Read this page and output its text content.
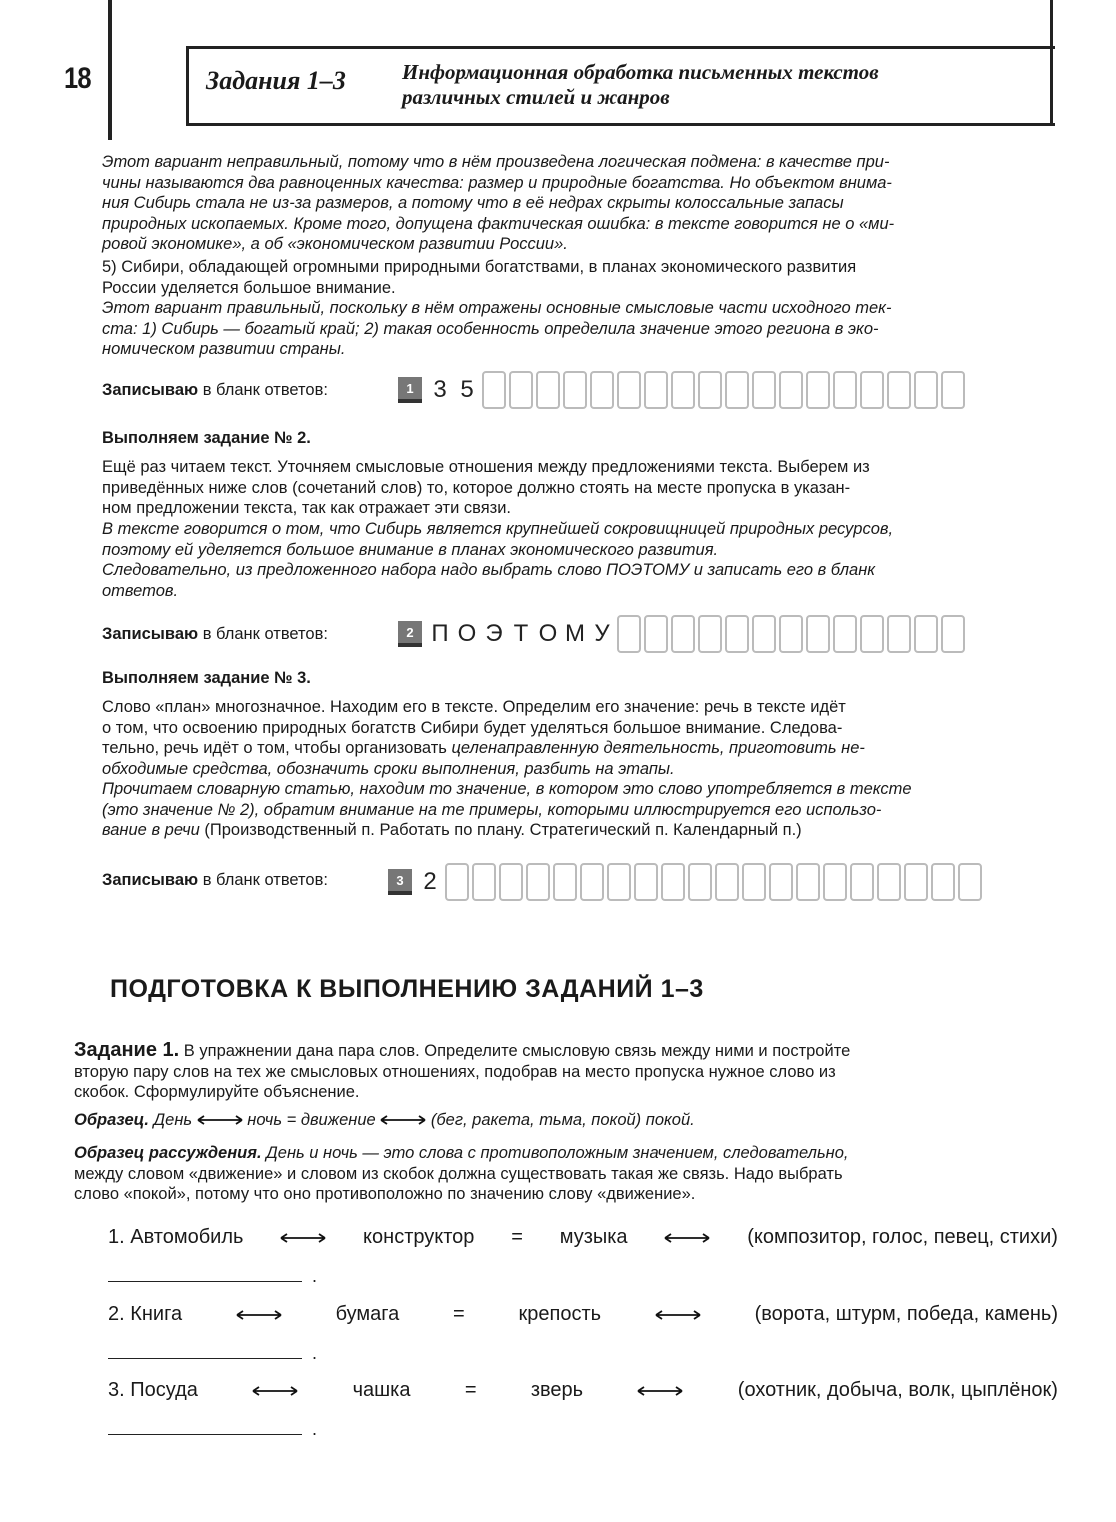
18	Задания 1–3	Информационная обработка письменных текстов
различных стилей и жанров
Этот вариант неправильный, потому что в нём произведена логическая подмена: в качестве при-
чины называются два равноценных качества: размер и природные богатства. Но объектом внима-
ния Сибирь стала не из-за размеров, а потому что в её недрах скрыты колоссальные запасы
природных ископаемых. Кроме того, допущена фактическая ошибка: в тексте говорится не о «ми-
ровой экономике», а об «экономическом развитии России».
5) Сибири, обладающей огромными природными богатствами, в планах экономического развития
России уделяется большое внимание.
Этот вариант правильный, поскольку в нём отражены основные смысловые части исходного тек-
ста: 1) Сибирь — богатый край; 2) такая особенность определила значение этого региона в эко-
номическом развитии страны.
Записываю в бланк ответов:	1 3 5
Выполняем задание № 2.
Ещё раз читаем текст. Уточняем смысловые отношения между предложениями текста. Выберем из
приведённых ниже слов (сочетаний слов) то, которое должно стоять на месте пропуска в указан-
ном предложении текста, так как отражает эти связи.
В тексте говорится о том, что Сибирь является крупнейшей сокровищницей природных ресурсов,
поэтому ей уделяется большое внимание в планах экономического развития.
Следовательно, из предложенного набора надо выбрать слово ПОЭТОМУ и записать его в бланк
ответов.
Записываю в бланк ответов:	2 П О Э Т О М У
Выполняем задание № 3.
Слово «план» многозначное. Находим его в тексте. Определим его значение: речь в тексте идёт
о том, что освоению природных богатств Сибири будет уделяться большое внимание. Следова-
тельно, речь идёт о том, чтобы организовать целенаправленную деятельность, приготовить не-
обходимые средства, обозначить сроки выполнения, разбить на этапы.
Прочитаем словарную статью, находим то значение, в котором это слово употребляется в тексте
(это значение № 2), обратим внимание на те примеры, которыми иллюстрируется его использо-
вание в речи (Производственный п. Работать по плану. Стратегический п. Календарный п.)
Записываю в бланк ответов:	3 2
ПОДГОТОВКА К ВЫПОЛНЕНИЮ ЗАДАНИЙ 1–3
Задание 1. В упражнении дана пара слов. Определите смысловую связь между ними и постройте
вторую пару слов на тех же смысловых отношениях, подобрав на место пропуска нужное слово из
скобок. Сформулируйте объяснение.
Образец. День	ночь = движение	(бег, ракета, тьма, покой) покой.
Образец рассуждения. День и ночь — это слова с противоположным значением, следовательно,
между словом «движение» и словом из скобок должна существовать такая же связь. Надо выбрать
слово «покой», потому что оно противоположно по значению слову «движение».
1. Автомобиль	конструктор = музыка	(композитор, голос, певец, стихи)
.
2. Книга	бумага	=	крепость	(ворота, штурм, победа, камень)
.
3. Посуда	чашка	=	зверь	(охотник, добыча, волк, цыплёнок)
.
